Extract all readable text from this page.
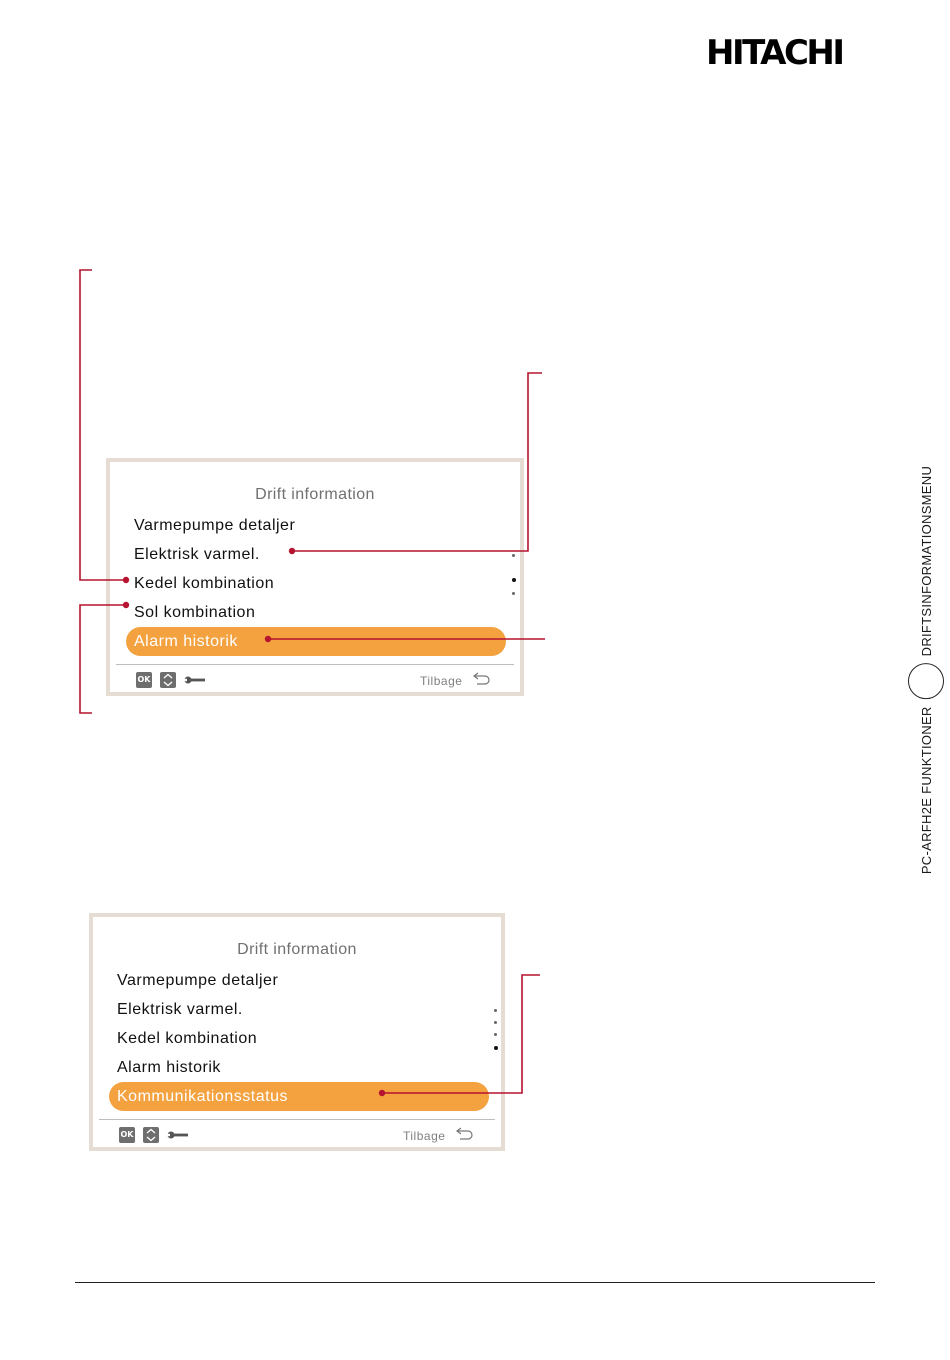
HITACHI
PC-ARFH2E FUNKTIONER
DRIFTSINFORMATIONSMENU
Drift information
Varmepumpe detaljer
Elektrisk varmel.
Kedel kombination
Sol kombination
Alarm historik
OK	Tilbage
Drift information
Varmepumpe detaljer
Elektrisk varmel.
Kedel kombination
Alarm historik
Kommunikationsstatus
OK	Tilbage
